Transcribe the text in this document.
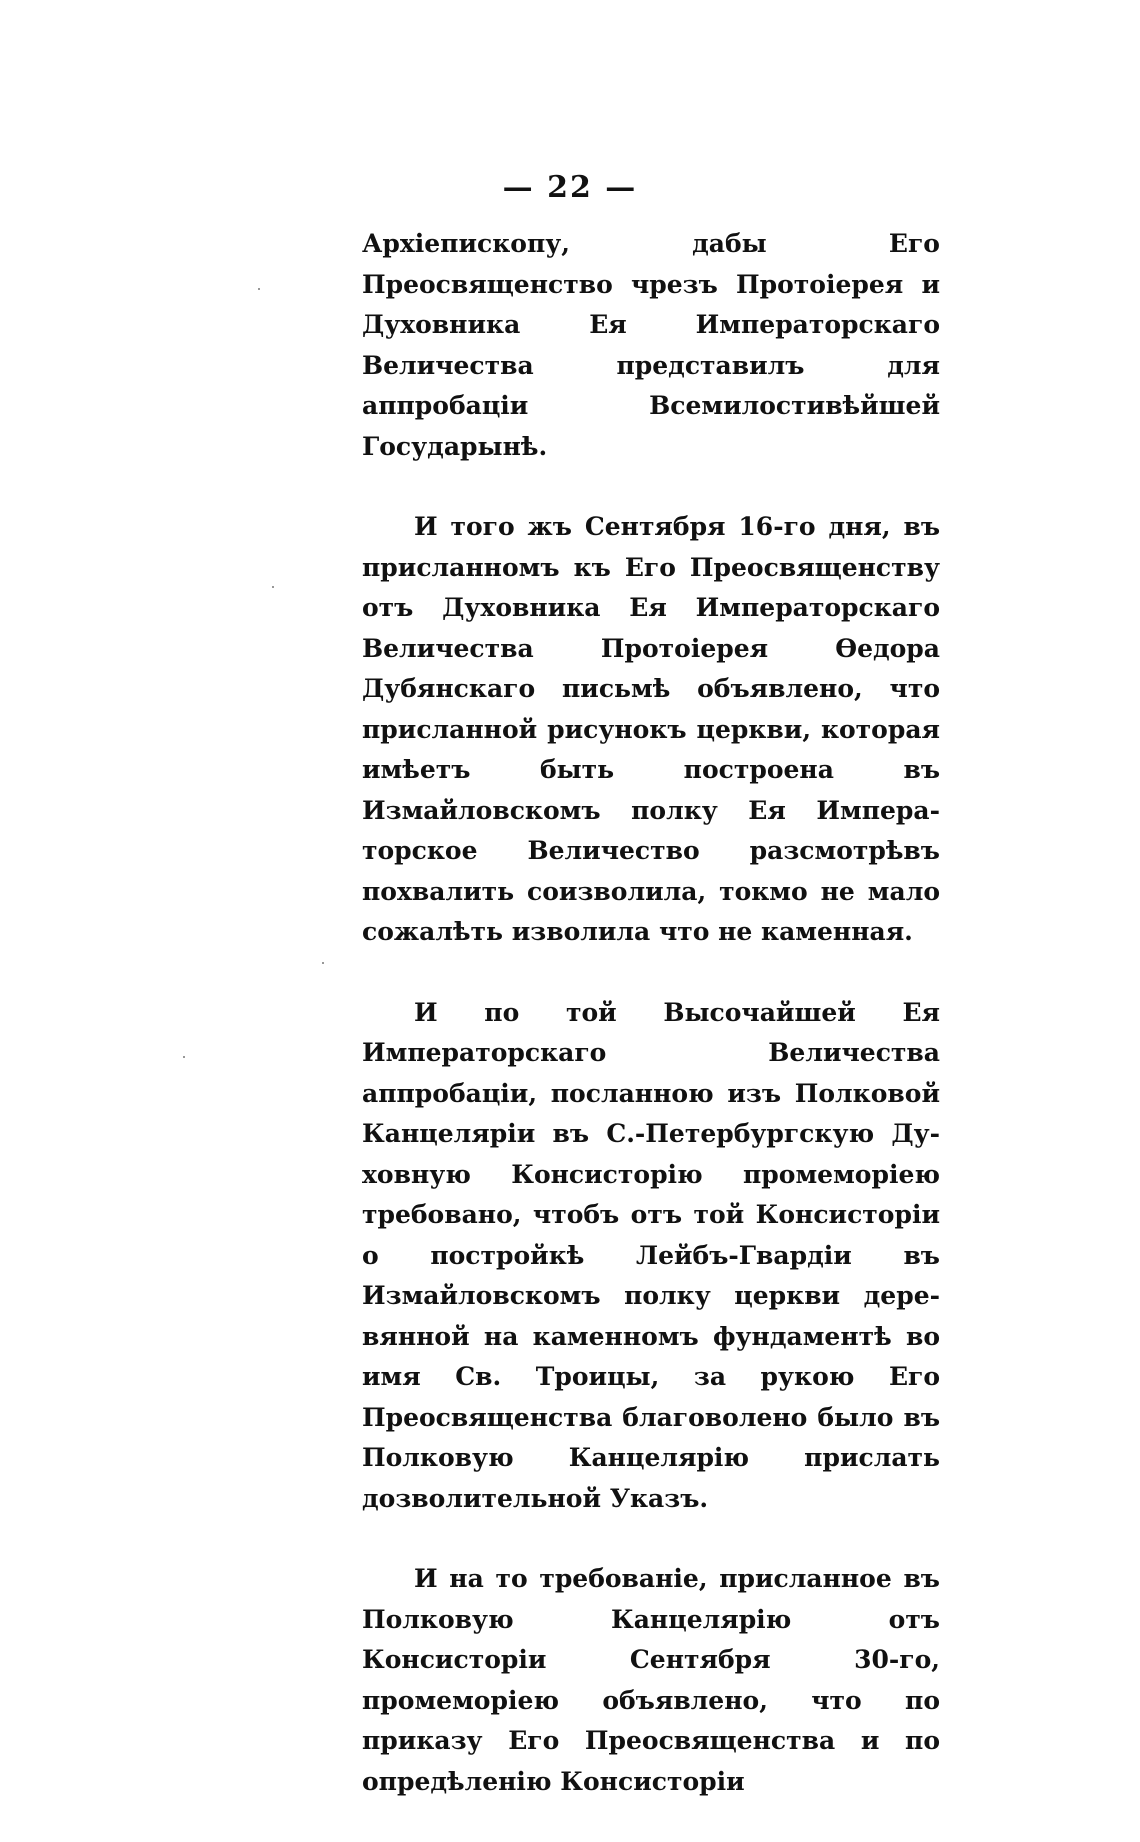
— 22 —

Архіепископу, дабы Его Преосвященство чрезъ Протоіерея и Духовника Ея Императорскаго Величества представилъ для аппробаціи Всемилостивѣйшей Государынѣ.

И того жъ Сентября 16-го дня, въ присланномъ къ Его Преосвященству отъ Духовника Ея Императорскаго Величества Протоіерея Ѳедора Дубянскаго письмѣ объявлено, что присланной рисунокъ церкви, которая имѣетъ быть построена въ Измайловскомъ полку Ея Императорское Величество разсмотрѣвъ похвалить соизволила, токмо не мало сожалѣть изволила что не каменная.

И по той Высочайшей Ея Императорскаго Величества аппробаціи, посланною изъ Полковой Канцеляріи въ С.-Петербургскую Духовную Консисторію промеморіею требовано, чтобъ отъ той Консисторіи о постройкѣ Лейбъ-Гвардіи въ Измайловскомъ полку церкви деревянной на каменномъ фундаментѣ во имя Св. Троицы, за рукою Его Преосвященства благоволено было въ Полковую Канцелярію прислать дозволительной Указъ.

И на то требованіе, присланное въ Полковую Канцелярію отъ Консисторіи Сентября 30-го, промеморіею объявлено, что по приказу Его Преосвященства и по опредѣленію Консисторіи
